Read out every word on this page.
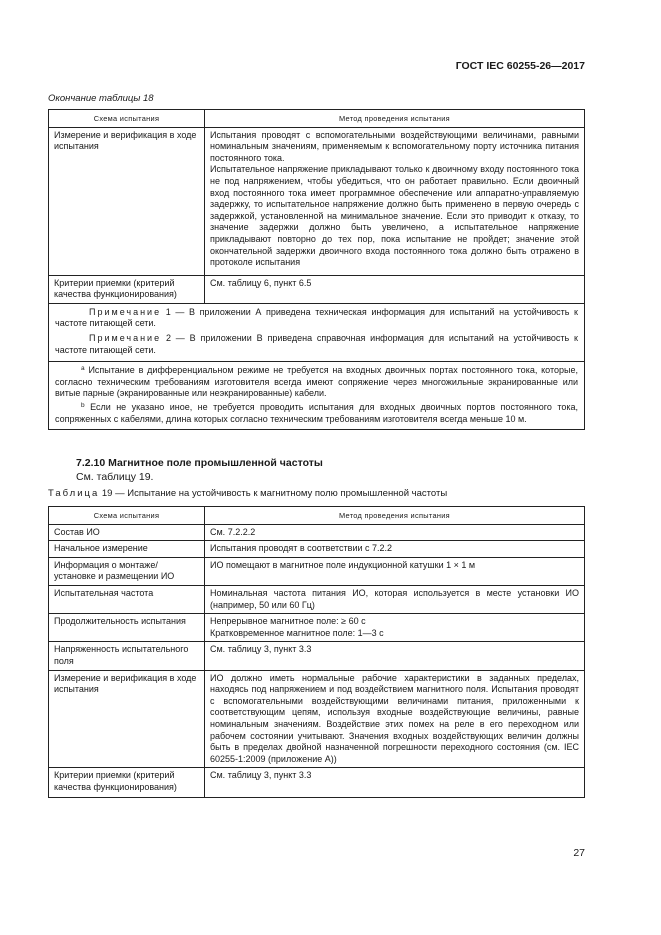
ГОСТ IEC 60255-26—2017
Окончание таблицы 18
Схема испытания	Метод проведения испытания
Измерение и верификация в ходе испытания	Испытания проводят с вспомогательными воздействующими величинами, равными номинальным значениям, применяемым к вспомогательному порту источника питания постоянного тока.

Испытательное напряжение прикладывают только к двоичному входу постоянного тока не под напряжением, чтобы убедиться, что он работает правильно. Если двоичный вход постоянного тока имеет программное обеспечение или аппаратно-управляемую задержку, то испытательное напряжение должно быть применено в первую очередь с задержкой, установленной на минимальное значение. Если это приводит к отказу, то значение задержки должно быть увеличено, а испытательное напряжение прикладывают повторно до тех пор, пока испытание не пройдет; значение этой окончательной задержки двоичного входа постоянного тока должно быть отражено в протоколе испытания

Критерии приемки (критерий качества функционирования)	См. таблицу 6, пункт 6.5

Примечание 1 — В приложении А приведена техническая информация для испытаний на устойчивость к частоте питающей сети.

Примечание 2 — В приложении В приведена справочная информация для испытаний на устойчивость к частоте питающей сети.	

$^а$ Испытание в дифференциальном режиме не требуется на входных двоичных портах постоянного тока, которые, согласно техническим требованиям изготовителя всегда имеют сопряжение через многожильные экранированные или витые парные (экранированные или неэкранированные) кабели.

$^b$ Если не указано иное, не требуется проводить испытания для входных двоичных портов постоянного тока, сопряженных с кабелями, длина которых согласно техническим требованиям изготовителя всегда меньше 10 м.	

7.2.10 Магнитное поле промышленной частоты
См. таблицу 19.
Таблица 19 — Испытание на устойчивость к магнитному полю промышленной частоты
Схема испытания	Метод проведения испытания
Состав ИО	См. 7.2.2.2
Начальное измерение	Испытания проводят в соответствии с 7.2.2
Информация о монтаже/ установке и размещении ИО	ИО помещают в магнитное поле индукционной катушки 1 × 1 м
Испытательная частота	Номинальная частота питания ИО, которая используется в месте установки ИО (например, 50 или 60 Гц)
Продолжительность испытания	Непрерывное магнитное поле: ≥ 60 с

Кратковременное магнитное поле: 1—3 с

Напряженность испытательного поля	См. таблицу 3, пункт 3.3
Измерение и верификация в ходе испытания	ИО должно иметь нормальные рабочие характеристики в заданных пределах, находясь под напряжением и под воздействием магнитного поля. Испытания проводят с вспомогательными воздействующими величинами питания, приложенными к соответствующим цепям, используя входные воздействующие величины, равные номинальным значениям. Воздействие этих помех на реле в его переходном или рабочем состоянии учитывают. Значения входных воздействующих величин должны быть в пределах двойной назначенной погрешности переходного состояния (см. IEC 60255-1:2009 (приложение А))
Критерии приемки (критерий качества функционирования)	См. таблицу 3, пункт 3.3
27
